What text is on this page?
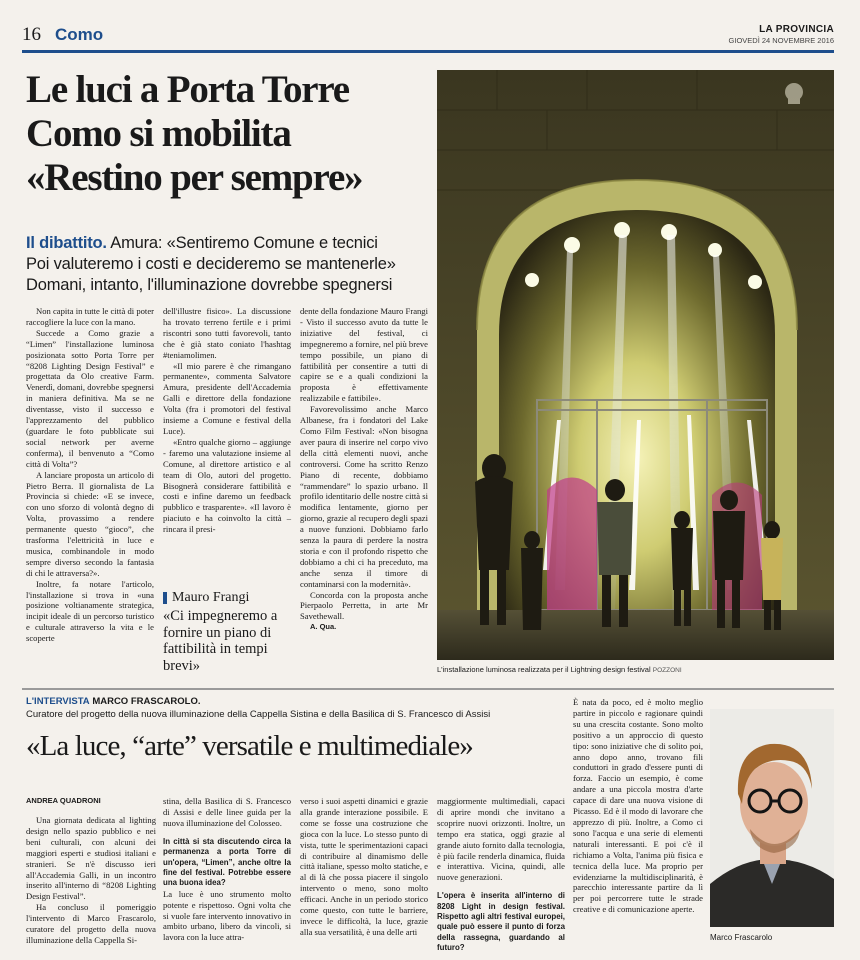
16 Como	LA PROVINCIA
GIOVEDÌ 24 NOVEMBRE 2016
Le luci a Porta Torre
Como si mobilita
«Restino per sempre»
Il dibattito. Amura: «Sentiremo Comune e tecnici
Poi valuteremo i costi e decideremo se mantenerle»
Domani, intanto, l'illuminazione dovrebbe spegnersi

Non capita in tutte le città di poter raccogliere la luce con la mano.

Succede a Como grazie a “Limen” l'installazione luminosa posizionata sotto Porta Torre per “8208 Lighting Design Festival” e progettata da Olo creative Farm. Venerdì, domani, dovrebbe spegnersi in maniera definitiva. Ma se ne diventasse, visto il successo e l'apprezzamento del pubblico (guardare le foto pubblicate sui social network per averne conferma), il benvenuto a “Como città di Volta”?

A lanciare proposta un articolo di Pietro Berra. Il giornalista de La Provincia si chiede: «E se invece, con uno sforzo di volontà degno di Volta, provassimo a rendere permanente questo “gioco”, che trasforma l'elettricità in luce e musica, combinandole in modo sempre diverso secondo la fantasia di chi le attraversa?».

Inoltre, fa notare l'articolo, l'installazione si trova in «una posizione voltianamente strategica, incipit ideale di un percorso turistico e culturale attraverso la vita e le scoperte

dell'illustre fisico». La discussione ha trovato terreno fertile e i primi riscontri sono tutti favorevoli, tanto che è già stato coniato l'hashtag #teniamolimen.

«Il mio parere è che rimangano permanente», commenta Salvatore Amura, presidente dell'Accademia Galli e direttore della fondazione Volta (fra i promotori del festival insieme a Comune e festival della Luce).

«Entro qualche giorno – aggiunge - faremo una valutazione insieme al Comune, al direttore artistico e al team di Olo, autori del progetto. Bisognerà considerare fattibilità e costi e infine daremo un feedback pubblico e trasparente». «Il lavoro è piaciuto e ha coinvolto la città – rincara il presi-

Mauro Frangi
«Ci impegneremo a fornire un piano di fattibilità in tempi brevi»

dente della fondazione Mauro Frangi - Visto il successo avuto da tutte le iniziative del festival, ci impegneremo a fornire, nel più breve tempo possibile, un piano di fattibilità per consentire a tutti di capire se e a quali condizioni la proposta è effettivamente realizzabile e fattibile».

Favorevolissimo anche Marco Albanese, fra i fondatori del Lake Como Film Festival: «Non bisogna aver paura di inserire nel corpo vivo della città elementi nuovi, anche controversi. Come ha scritto Renzo Piano di recente, dobbiamo “rammendare” lo spazio urbano. Il profilo identitario delle nostre città si modifica lentamente, giorno per giorno, grazie al recupero degli spazi a nuove funzioni. Dobbiamo farlo senza la paura di perdere la nostra storia e con il profondo rispetto che dobbiamo a chi ci ha preceduto, ma anche senza il timore di contaminarsi con la modernità».

Concorda con la proposta anche Pierpaolo Perretta, in arte Mr Savethewall.

A. Qua.

L'installazione luminosa realizzata per il Lightning design festival POZZONI
L'INTERVISTA MARCO FRASCAROLO.
Curatore del progetto della nuova illuminazione della Cappella Sistina e della Basilica di S. Francesco di Assisi
«La luce, “arte” versatile e multimediale»
ANDREA QUADRONI

Una giornata dedicata al lighting design nello spazio pubblico e nei beni culturali, con alcuni dei maggiori esperti e studiosi italiani e stranieri. Se n'è discusso ieri all'Accademia Galli, in un incontro inserito all'interno di “8208 Lighting Design Festival”.

Ha concluso il pomeriggio l'intervento di Marco Frascarolo, curatore del progetto della nuova illuminazione della Cappella Si-

stina, della Basilica di S. Francesco di Assisi e delle linee guida per la nuova illuminazione del Colosseo.

In città si sta discutendo circa la permanenza a porta Torre di un'opera, “Limen”, anche oltre la fine del festival. Potrebbe essere una buona idea?

La luce è uno strumento molto potente e rispettoso. Ogni volta che si vuole fare intervento innovativo in ambito urbano, libero da vincoli, si lavora con la luce attra-

verso i suoi aspetti dinamici e grazie alla grande interazione possibile. E come se fosse una costruzione che gioca con la luce. Lo stesso punto di vista, tutte le sperimentazioni capaci di contribuire al dinamismo delle città italiane, spesso molto statiche, e al di là che possa piacere il singolo intervento o meno, sono molto efficaci. Anche in un periodo storico come questo, con tutte le barriere, invece le difficoltà, la luce, grazie alla sua versatilità, è una delle arti

maggiormente multimediali, capaci di aprire mondi che invitano a scoprire nuovi orizzonti. Inoltre, un tempo era statica, oggi grazie al grande aiuto fornito dalla tecnologia, è più facile renderla dinamica, fluida e interattiva. Vicina, quindi, alle nuove generazioni.

L'opera è inserita all'interno di 8208 Light in design festival. Rispetto agli altri festival europei, quale può essere il punto di forza della rassegna, guardando al futuro?

È nata da poco, ed è molto meglio partire in piccolo e ragionare quindi su una crescita costante. Sono molto positivo a un approccio di questo tipo: sono iniziative che di solito poi, anno dopo anno, trovano fili conduttori in grado d'essere punti di forza. Faccio un esempio, è come andare a una piccola mostra d'arte capace di dare una nuova visione di Picasso. Ed è il modo di lavorare che apprezzo di più. Inoltre, a Como ci sono l'acqua e una serie di elementi naturali interessanti. E poi c'è il richiamo a Volta, l'anima più fisica e tecnica della luce. Ma proprio per evidenziarne la multidisciplinarità, è parecchio interessante partire da lì per poi percorrere tutte le strade creative e di comunicazione aperte.

Marco Frascarolo
